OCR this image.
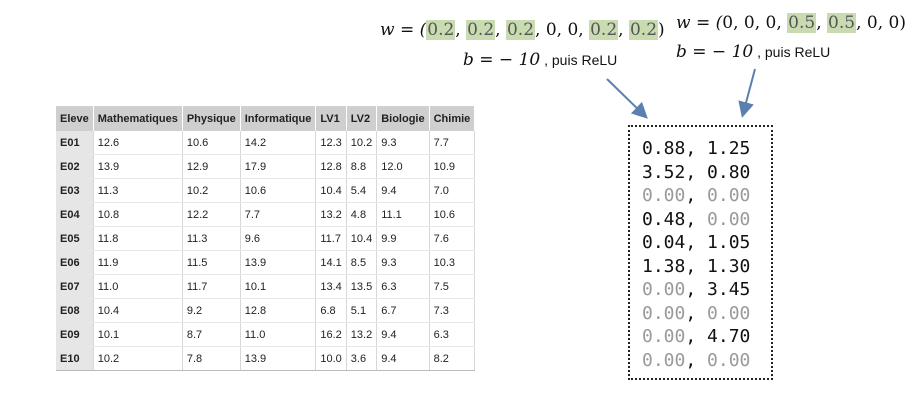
w = (0.2, 0.2, 0.2, 0, 0, 0.2, 0.2)
b = − 10 , puis ReLU
w = (0, 0, 0, 0.5, 0.5, 0, 0)
b = − 10 , puis ReLU
Eleve	Mathematiques	Physique	Informatique	LV1	LV2	Biologie	Chimie
E01	12.6	10.6	14.2	12.3	10.2	9.3	7.7
E02	13.9	12.9	17.9	12.8	8.8	12.0	10.9
E03	11.3	10.2	10.6	10.4	5.4	9.4	7.0
E04	10.8	12.2	7.7	13.2	4.8	11.1	10.6
E05	11.8	11.3	9.6	11.7	10.4	9.9	7.6
E06	11.9	11.5	13.9	14.1	8.5	9.3	10.3
E07	11.0	11.7	10.1	13.4	13.5	6.3	7.5
E08	10.4	9.2	12.8	6.8	5.1	6.7	7.3
E09	10.1	8.7	11.0	16.2	13.2	9.4	6.3
E10	10.2	7.8	13.9	10.0	3.6	9.4	8.2
0.88, 1.25
3.52, 0.80
0.00, 0.00
0.48, 0.00
0.04, 1.05
1.38, 1.30
0.00, 3.45
0.00, 0.00
0.00, 4.70
0.00, 0.00
